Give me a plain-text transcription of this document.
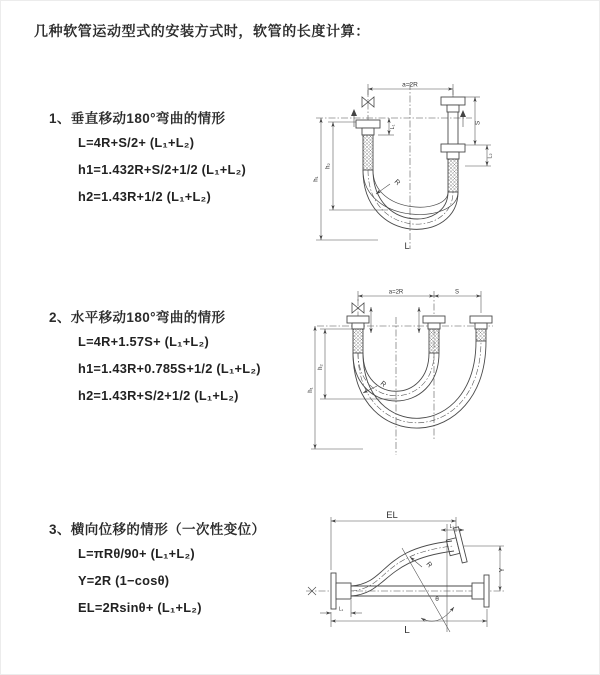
几种软管运动型式的安装方式时，软管的长度计算：
1、垂直移动180°弯曲的情形
L=4R+S/2+ (L₁+L₂)
h1=1.432R+S/2+1/2 (L₁+L₂)
h2=1.43R+1/2 (L₁+L₂)
2、水平移动180°弯曲的情形
L=4R+1.57S+ (L₁+L₂)
h1=1.43R+0.785S+1/2 (L₁+L₂)
h2=1.43R+S/2+1/2 (L₁+L₂)
3、横向位移的情形（一次性变位）
L=πRθ/90+ (L₁+L₂)
Y=2R (1−cosθ)
EL=2Rsinθ+ (L₁+L₂)
a=2R
S
L₂
L₁
h₁
h₂
R
L
a=2R	S
h₁
h₂
R
EL
L₂
Y
θ
R
L
L₁
